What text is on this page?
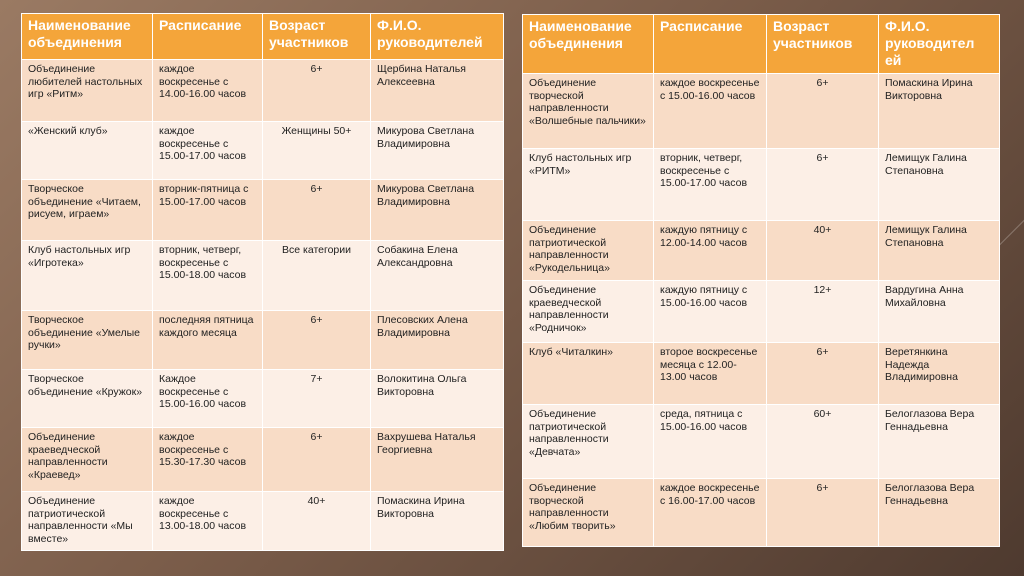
Наименование объединения	Расписание	Возраст участников	Ф.И.О. руководителей
Объединение любителей настольных игр «Ритм»	каждое воскресенье с 14.00-16.00 часов	6+	Щербина Наталья Алексеевна
«Женский клуб»	каждое воскресенье с 15.00-17.00 часов	Женщины 50+	Микурова Светлана Владимировна
Творческое объединение «Читаем, рисуем, играем»	вторник-пятница с 15.00-17.00 часов	6+	Микурова Светлана Владимировна
Клуб настольных игр «Игротека»	вторник, четверг, воскресенье с 15.00-18.00 часов	Все категории	Собакина Елена Александровна
Творческое объединение «Умелые ручки»	последняя пятница каждого месяца	6+	Плесовских Алена Владимировна
Творческое объединение «Кружок»	Каждое воскресенье с 15.00-16.00 часов	7+	Волокитина Ольга Викторовна
Объединение краеведческой направленности «Краевед»	каждое воскресенье с 15.30-17.30 часов	6+	Вахрушева Наталья Георгиевна
Объединение патриотической направленности «Мы вместе»	каждое воскресенье с 13.00-18.00 часов	40+	Помаскина Ирина Викторовна
Наименование объединения	Расписание	Возраст участников	Ф.И.О. руководител ей
Объединение творческой направленности «Волшебные пальчики»	каждое воскресенье с 15.00-16.00 часов	6+	Помаскина Ирина Викторовна
Клуб настольных игр «РИТМ»	вторник, четверг, воскресенье с 15.00-17.00 часов	6+	Лемищук Галина Степановна
Объединение патриотической направленности «Рукодельница»	каждую пятницу с 12.00-14.00 часов	40+	Лемищук Галина Степановна
Объединение краеведческой направленности «Родничок»	каждую пятницу с 15.00-16.00 часов	12+	Вардугина Анна Михайловна
Клуб «Читалкин»	второе воскресенье месяца с 12.00-13.00 часов	6+	Веретянкина Надежда Владимировна
Объединение патриотической направленности «Девчата»	среда, пятница с 15.00-16.00 часов	60+	Белоглазова Вера Геннадьевна
Объединение творческой направленности «Любим творить»	каждое воскресенье с 16.00-17.00 часов	6+	Белоглазова Вера Геннадьевна
